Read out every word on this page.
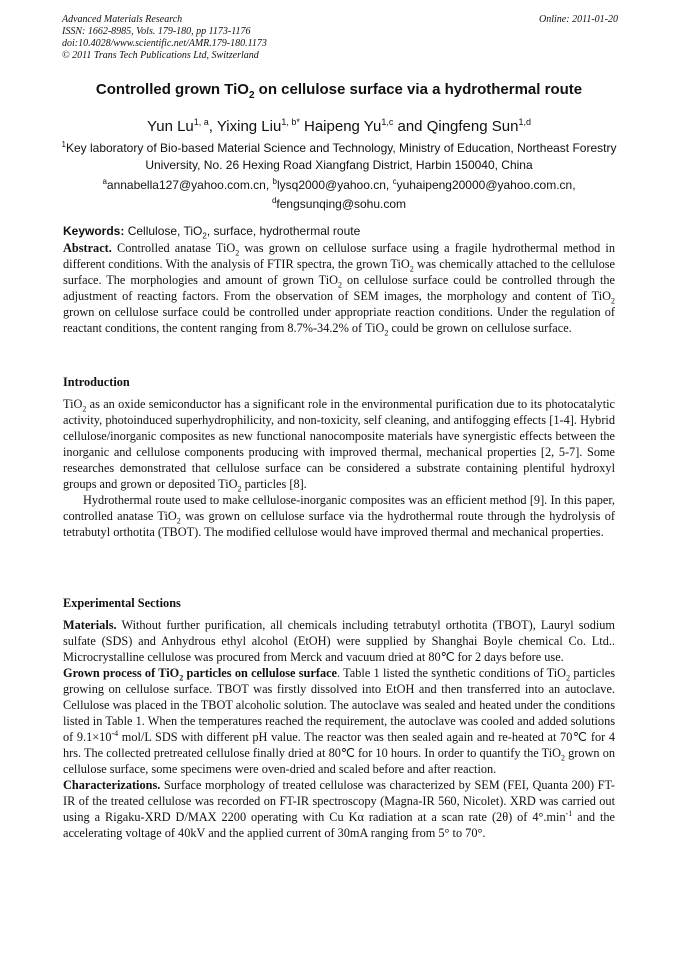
Advanced Materials Research
ISSN: 1662-8985, Vols. 179-180, pp 1173-1176
doi:10.4028/www.scientific.net/AMR.179-180.1173
© 2011 Trans Tech Publications Ltd, Switzerland
Online: 2011-01-20
Controlled grown TiO$_2$ on cellulose surface via a hydrothermal route
Yun Lu$^{1, a}$, Yixing Liu$^{1, b*}$ Haipeng Yu$^{1,c}$ and Qingfeng Sun$^{1,d}$
$^1$Key laboratory of Bio-based Material Science and Technology, Ministry of Education, Northeast Forestry University, No. 26 Hexing Road Xiangfang District, Harbin 150040, China
$^a$annabella127@yahoo.com.cn, $^b$lysq2000@yahoo.cn, $^c$yuhaipeng20000@yahoo.com.cn,
$^d$fengsunqing@sohu.com
Keywords: Cellulose, TiO$_2$, surface, hydrothermal route

Abstract. Controlled anatase TiO$_2$ was grown on cellulose surface using a fragile hydrothermal method in different conditions. With the analysis of FTIR spectra, the grown TiO$_2$ was chemically attached to the cellulose surface. The morphologies and amount of grown TiO$_2$ on cellulose surface could be controlled through the adjustment of reacting factors. From the observation of SEM images, the morphology and content of TiO$_2$ grown on cellulose surface could be controlled under appropriate reaction conditions. Under the regulation of reactant conditions, the content ranging from 8.7%-34.2% of TiO$_2$ could be grown on cellulose surface.

Introduction

TiO$_2$ as an oxide semiconductor has a significant role in the environmental purification due to its photocatalytic activity, photoinduced superhydrophilicity, and non-toxicity, self cleaning, and antifogging effects [1-4]. Hybrid cellulose/inorganic composites as new functional nanocomposite materials have synergistic effects between the inorganic and cellulose components producing with improved thermal, mechanical properties [2, 5-7]. Some researches demonstrated that cellulose surface can be considered a substrate containing plentiful hydroxyl groups and grown or deposited TiO$_2$ particles [8].

Hydrothermal route used to make cellulose-inorganic composites was an efficient method [9]. In this paper, controlled anatase TiO$_2$ was grown on cellulose surface via the hydrothermal route through the hydrolysis of tetrabutyl orthotita (TBOT). The modified cellulose would have improved thermal and mechanical properties.

Experimental Sections

Materials. Without further purification, all chemicals including tetrabutyl orthotita (TBOT), Lauryl sodium sulfate (SDS) and Anhydrous ethyl alcohol (EtOH) were supplied by Shanghai Boyle chemical Co. Ltd.. Microcrystalline cellulose was procured from Merck and vacuum dried at 80℃ for 2 days before use.

Grown process of TiO$_2$ particles on cellulose surface. Table 1 listed the synthetic conditions of TiO$_2$ particles growing on cellulose surface. TBOT was firstly dissolved into EtOH and then transferred into an autoclave. Cellulose was placed in the TBOT alcoholic solution. The autoclave was sealed and heated under the conditions listed in Table 1. When the temperatures reached the requirement, the autoclave was cooled and added solutions of $9.1\times 10^{-4}$ mol/L SDS with different pH value. The reactor was then sealed again and re-heated at 70℃ for 4 hrs. The collected pretreated cellulose finally dried at 80℃ for 10 hours. In order to quantify the TiO$_2$ grown on cellulose surface, some specimens were oven-dried and scaled before and after reaction.

Characterizations. Surface morphology of treated cellulose was characterized by SEM (FEI, Quanta 200) FT-IR of the treated cellulose was recorded on FT-IR spectroscopy (Magna-IR 560, Nicolet). XRD was carried out using a Rigaku-XRD D/MAX 2200 operating with Cu Kα radiation at a scan rate (2θ) of $4^\circ.\min^{-1}$ and the accelerating voltage of 40kV and the applied current of 30mA ranging from 5° to 70°.
